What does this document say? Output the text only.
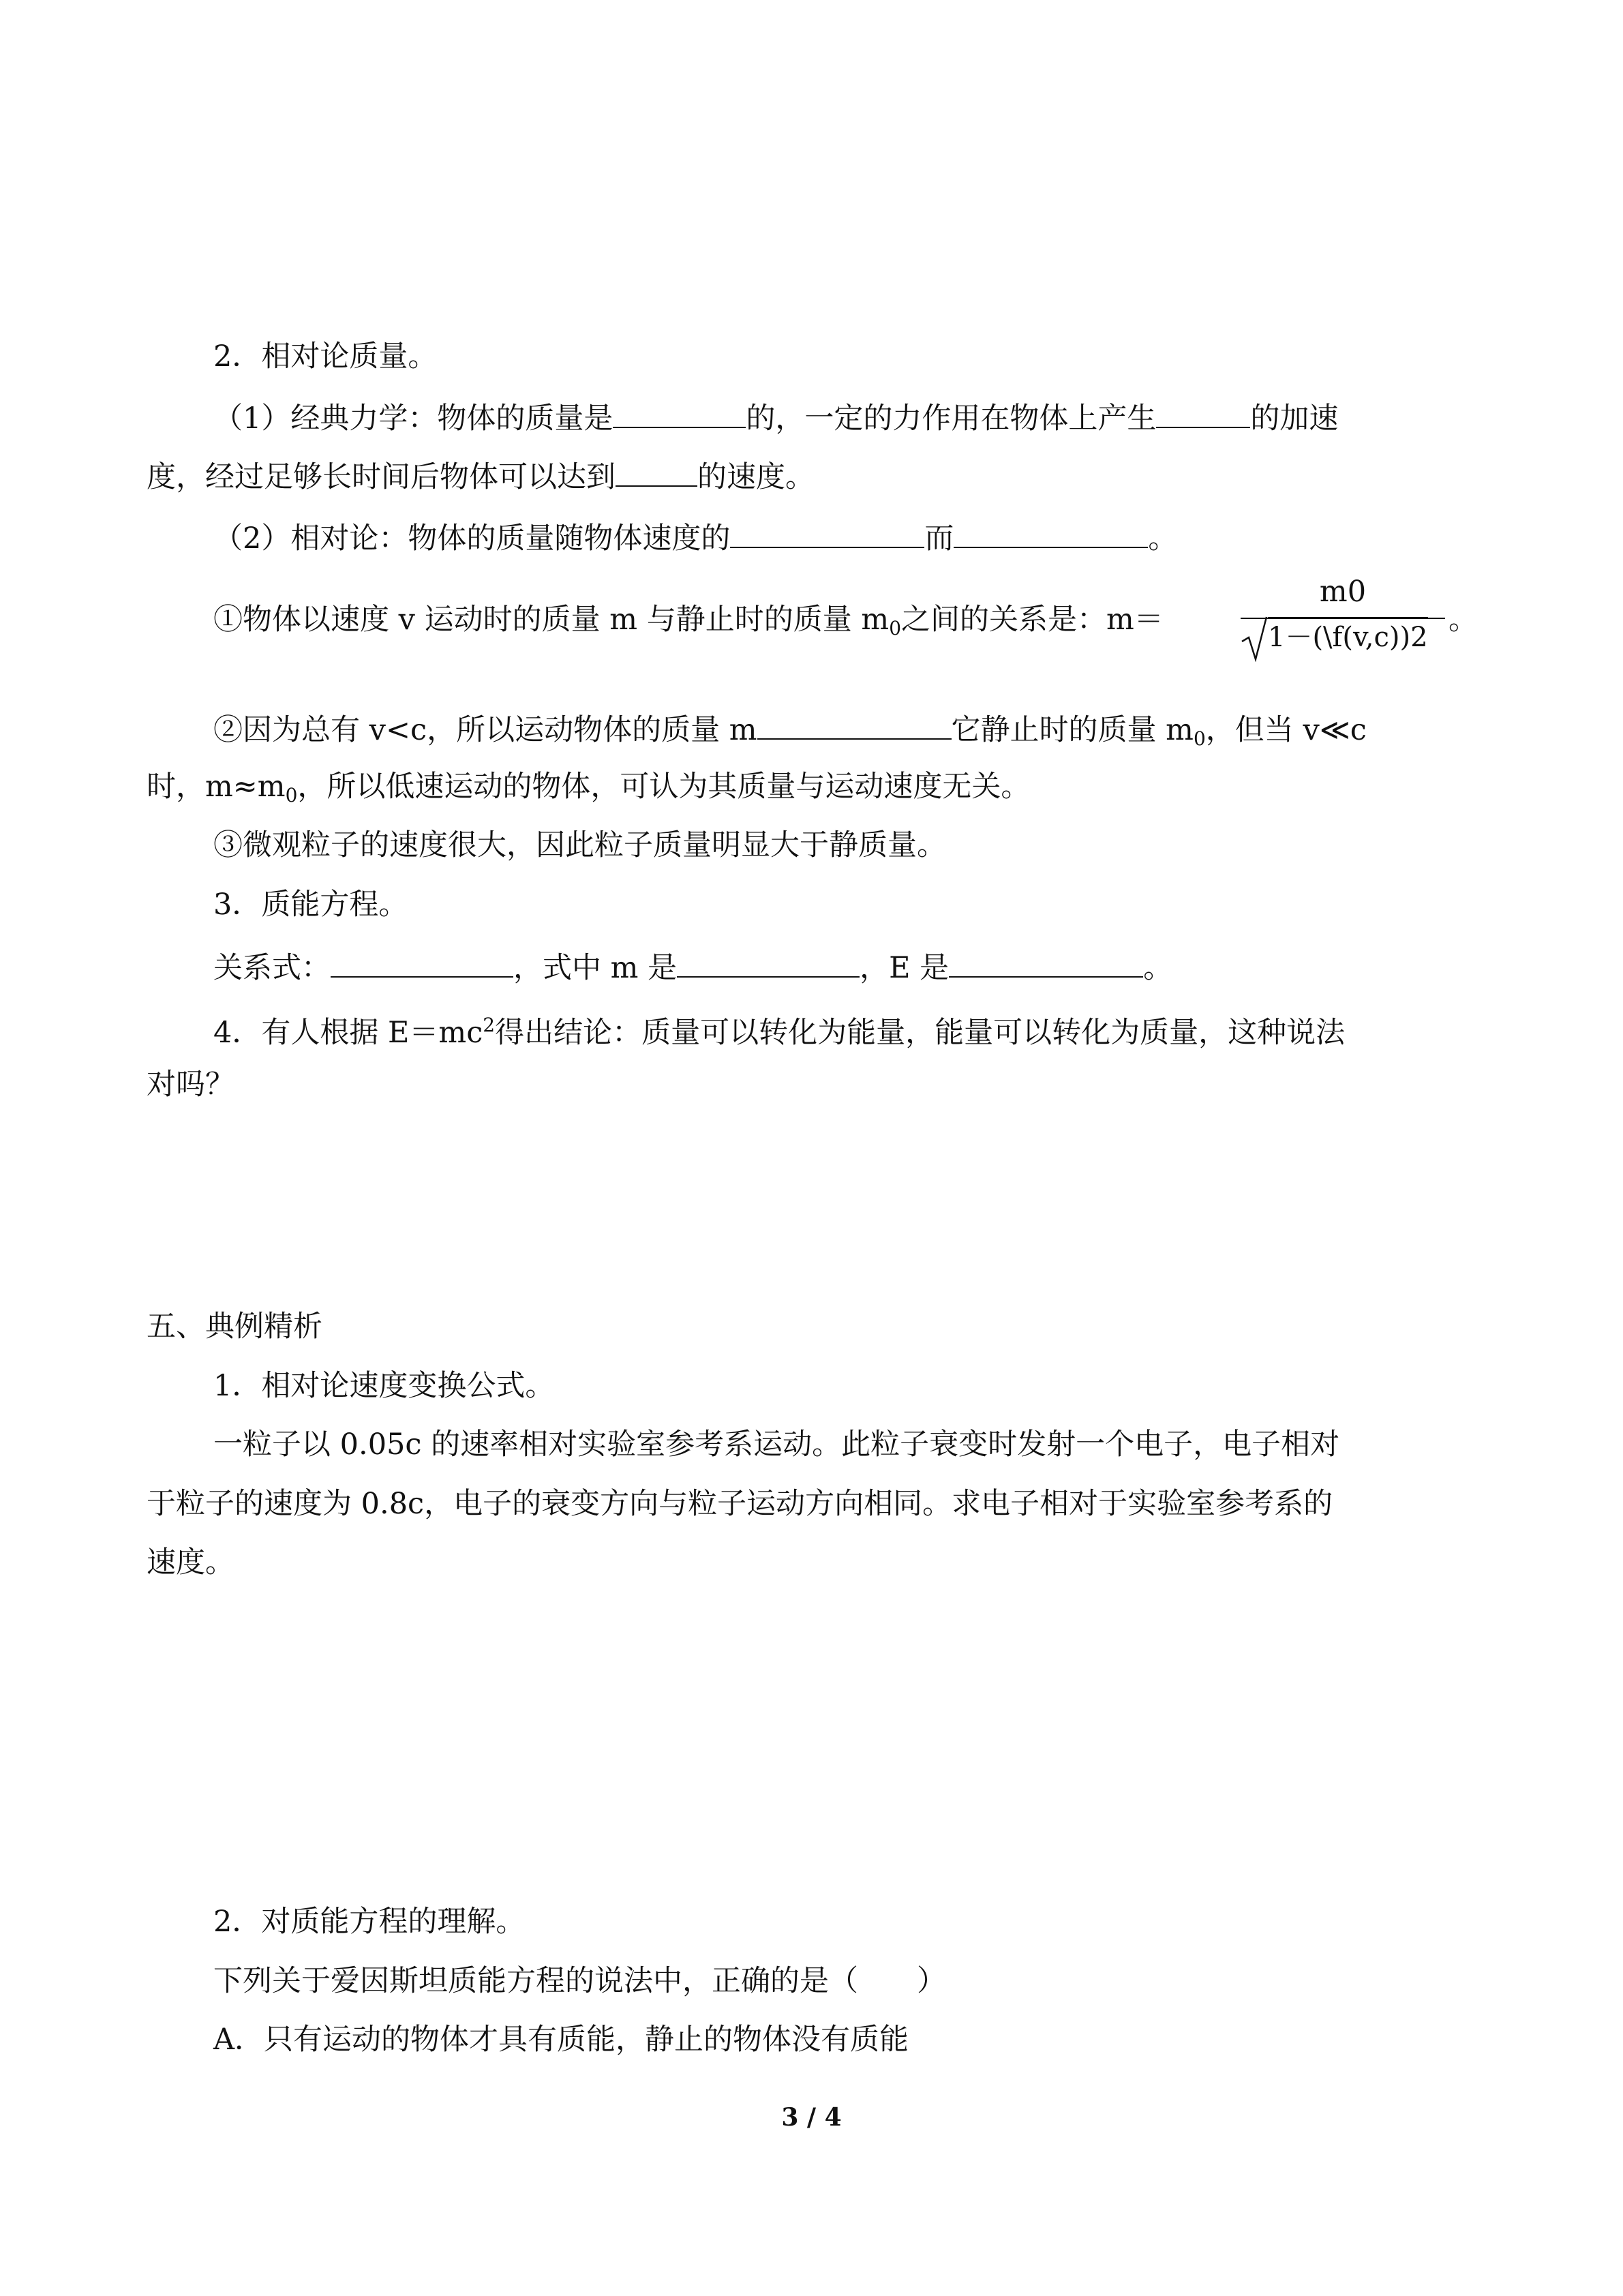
2．相对论质量。
（1）经典力学：物体的质量是	的，一定的力作用在物体上产生	的加速
度，经过足够长时间后物体可以达到	的速度。
（2）相对论：物体的质量随物体速度的	而	。
①物体以速度 v 运动时的质量 m 与静止时的质量 $m_0$之间的关系是：m＝	$\frac{m0}{1-(\backslash f(v,c))2}$
。
②因为总有 v<c，所以运动物体的质量 m	它静止时的质量 $m_0$，但当 v≪c
时，$m\approx m_0$，所以低速运动的物体，可认为其质量与运动速度无关。
③微观粒子的速度很大，因此粒子质量明显大于静质量。
3．质能方程。
关系式：	，式中 m 是	，E 是	。
4．有人根据 $E=mc^2$得出结论：质量可以转化为能量，能量可以转化为质量，这种说法
对吗？
五、典例精析
1．相对论速度变换公式。
一粒子以 0.05c 的速率相对实验室参考系运动。此粒子衰变时发射一个电子，电子相对
于粒子的速度为 0.8c，电子的衰变方向与粒子运动方向相同。求电子相对于实验室参考系的
速度。
2．对质能方程的理解。
下列关于爱因斯坦质能方程的说法中，正确的是（　　）
A．只有运动的物体才具有质能，静止的物体没有质能
3 / 4
